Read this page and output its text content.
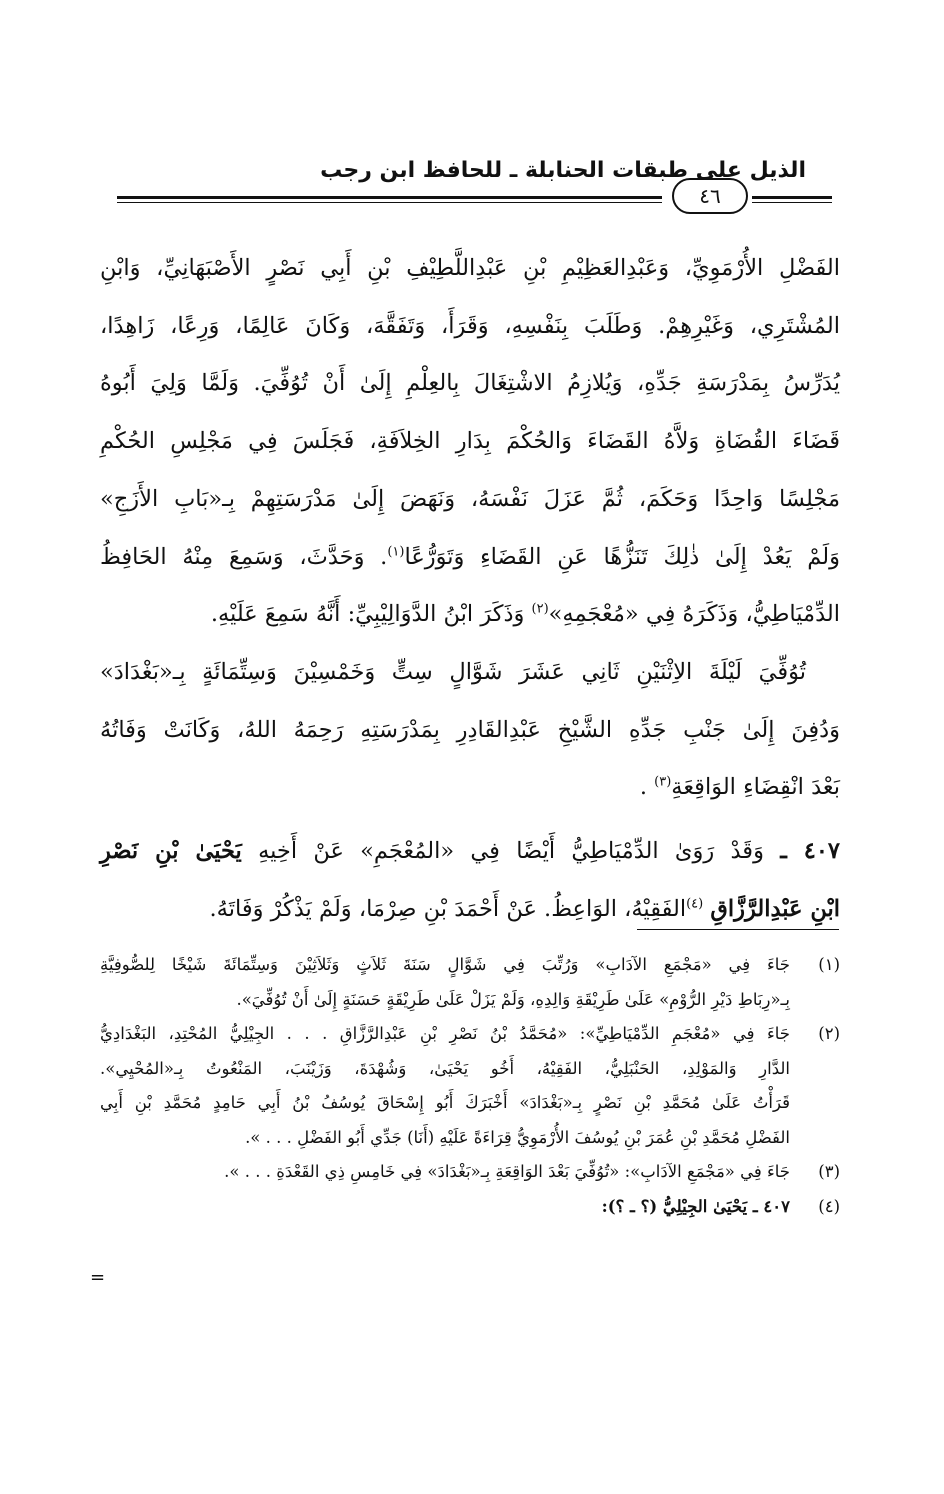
الذيل على طبقات الحنابلة ـ للحافظ ابن رجب
٤٦

الفَضْلِ الأُرْمَوِيِّ، وَعَبْدِالعَظِيْمِ بْنِ عَبْدِاللَّطِيْفِ بْنِ أَبِي نَصْرٍ الأَصْبَهَانِيِّ، وَابْنِ
المُشْتَرِي، وَغَيْرِهِمْ. وَطَلَبَ بِنَفْسِهِ، وَقَرَأَ، وَتَفَقَّهَ، وَكَانَ عَالِمًا، وَرِعًا، زَاهِدًا،
يُدَرِّسُ بِمَدْرَسَةِ جَدِّهِ، وَيُلازِمُ الاشْتِغَالَ بِالعِلْمِ إِلَىٰ أَنْ تُوُفِّيَ. وَلَمَّا وَلِيَ أَبُوهُ
قَضَاءَ القُضَاةِ وَلاَّهُ القَضَاءَ وَالحُكْمَ بِدَارِ الخِلاَفَةِ، فَجَلَسَ فِي مَجْلِسِ الحُكْمِ
مَجْلِسًا وَاحِدًا وَحَكَمَ، ثُمَّ عَزَلَ نَفْسَهُ، وَنَهَضَ إِلَىٰ مَدْرَسَتِهِمْ بِـ«بَابِ الأَزَجِ»
وَلَمْ يَعُدْ إِلَىٰ ذٰلِكَ تَنَزُّهًا عَنِ القَضَاءِ وَتَوَرُّعًا$^{(١)}$. وَحَدَّثَ، وَسَمِعَ مِنْهُ الحَافِظُ
الدِّمْيَاطِيُّ، وَذَكَرَهُ فِي «مُعْجَمِهِ»$^{(٢)}$ وَذَكَرَ ابْنُ الدَّوَالِيْبِيِّ: أَنَّهُ سَمِعَ عَلَيْهِ.

تُوُفِّيَ لَيْلَةَ الاِثْنَيْنِ ثَانِي عَشَرَ شَوَّالٍ سِتٍّ وَخَمْسِيْنَ وَسِتِّمَائَةٍ بِـ«بَغْدَادَ»
وَدُفِنَ إِلَىٰ جَنْبِ جَدِّهِ الشَّيْخِ عَبْدِالقَادِرِ بِمَدْرَسَتِهِ رَحِمَهُ اللهُ، وَكَانَتْ وَفَاتُهُ
بَعْدَ انْقِضَاءِ الوَاقِعَةِ$^{(٣)}$ .

٤٠٧ ـ وَقَدْ رَوَىٰ الدِّمْيَاطِيُّ أَيْضًا فِي «المُعْجَمِ» عَنْ أَخِيهِ يَحْيَىٰ بْنِ نَصْرِ
ابْنِ عَبْدِالرَّزَّاقِ $^{(٤)}$الفَقِيْهُ، الوَاعِظُ. عَنْ أَحْمَدَ بْنِ صِرْمَا، وَلَمْ يَذْكُرْ وَفَاتَهُ.

(١)
جَاءَ فِي «مَجْمَعِ الآدَابِ» وَرُتِّبَ فِي شَوَّالٍ سَنَةَ ثَلاَثٍ وَثَلاَثِيْنَ وَسِتِّمَائَةَ شَيْخًا لِلصُّوفِيَّةِ
بِـ«رِبَاطِ دَيْرِ الرُّوْمِ» عَلَىٰ طَرِيْقَةِ وَالِدِهِ، وَلَمْ يَزَلْ عَلَىٰ طَرِيْقَةٍ حَسَنَةٍ إِلَىٰ أَنْ تُوُفِّيَ».
(٢)
جَاءَ فِي «مُعْجَمِ الدِّمْيَاطِيِّ»: «مُحَمَّدُ بْنُ نَصْرِ بْنِ عَبْدِالرَّزَّاقِ . . . الجِيْلِيُّ المُحْتِدِ، البَغْدَادِيُّ
الدَّارِ وَالمَوْلِدِ، الحَنْبَلِيُّ، الفَقِيْهُ، أَخُو يَحْيَىٰ، وَشُهْدَةَ، وَزَيْنَبَ، المَنْعُوتُ بِـ«المُحْيِي».
قَرَأْتُ عَلَىٰ مُحَمَّدِ بْنِ نَصْرٍ بِـ«بَغْدَادَ» أَخْبَرَكَ أَبُو إِسْحَاقَ يُوسُفُ بْنُ أَبِي حَامِدٍ مُحَمَّدِ بْنِ أَبِي
الفَضْلِ مُحَمَّدِ بْنِ عُمَرَ بْنِ يُوسُفَ الأُرْمَوِيُّ قِرَاءَةً عَلَيْهِ (أَنَا) جَدِّي أَبُو الفَضْلِ . . . ».
(٣)
جَاءَ فِي «مَجْمَعِ الآدَابِ»: «تُوُفِّيَ بَعْدَ الوَاقِعَةِ بِـ«بَغْدَادَ» فِي خَامِسِ ذِي القَعْدَةِ . . . ».
(٤)
٤٠٧ ـ يَحْيَىٰ الجِيْلِيُّ (؟ ـ ؟):
=
